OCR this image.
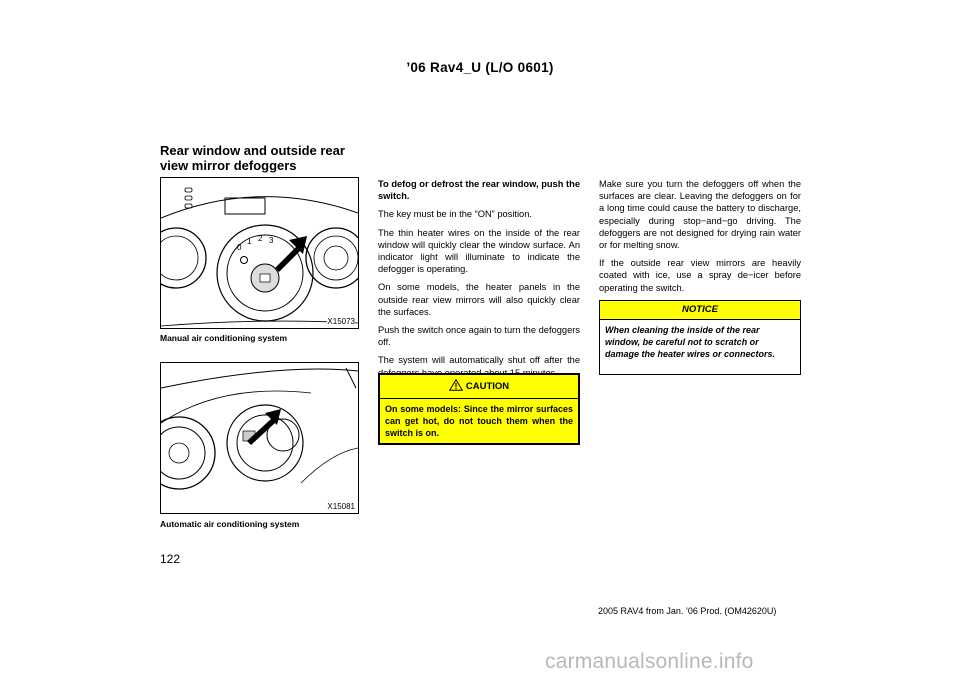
’06 Rav4_U (L/O 0601)
Rear window and outside rear view mirror defoggers
0
1 2 3
X15073
Manual air conditioning system
X15081
Automatic air conditioning system

To defog or defrost the rear window, push the switch.

The key must be in the “ON” position.

The thin heater wires on the inside of the rear window will quickly clear the window surface. An indicator light will illuminate to indicate the defogger is operating.

On some models, the heater panels in the outside rear view mirrors will also quickly clear the surfaces.

Push the switch once again to turn the defoggers off.

The system will automatically shut off after the

CAUTION
On some models: Since the mirror surfaces can get hot, do not touch them when the switch is on.

Make sure you turn the defoggers off when the surfaces are clear. Leaving the defoggers on for a long time could cause the battery to discharge, especially during stop−and−go driving. The defoggers are not designed for drying rain water or for melting snow.

If the outside rear view mirrors are heavily coated with ice, use a spray de−icer before operating the switch.

NOTICE
When cleaning the inside of the rear window, be careful not to scratch or damage the heater wires or connectors.
122
2005 RAV4 from Jan. ’06 Prod. (OM42620U)
carmanualsonline.info
